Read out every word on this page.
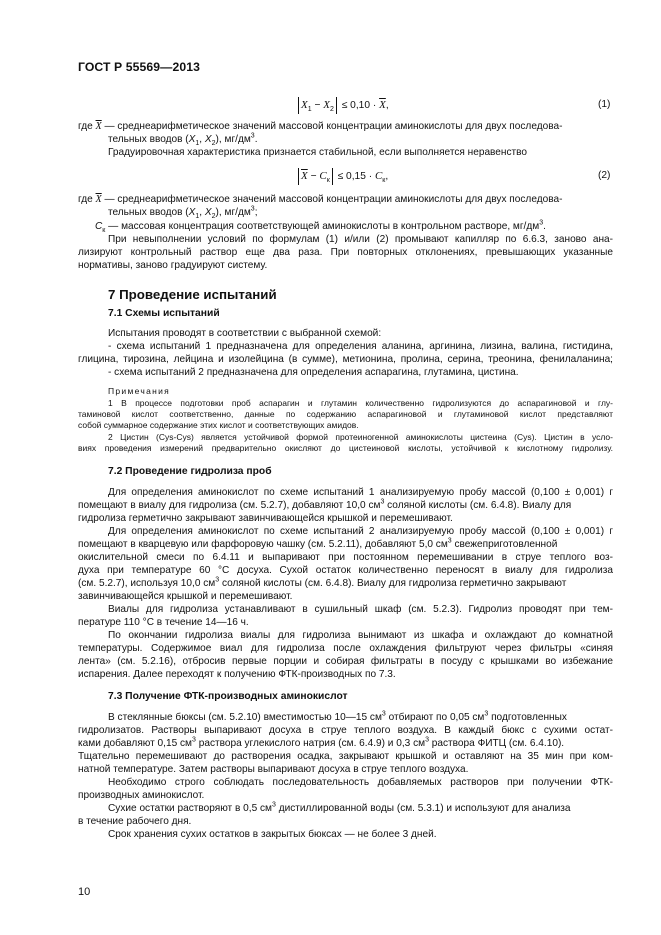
ГОСТ Р 55569—2013
$X_1 - X_2 \le 0,10 \cdot \overline{X}$,	(1)
где $\overline{X}$ — среднеарифметическое значений массовой концентрации аминокислоты для двух последова-
тельных вводов ($X_1$, $X_2$), $мг/дм^3$.
Градуировочная характеристика признается стабильной, если выполняется неравенство
$\overline{X} - C_к \le 0,15 \cdot C_к$,	(2)
где $\overline{X}$ — среднеарифметическое значений массовой концентрации аминокислоты для двух последова-
тельных вводов ($X_1$, $X_2$), $мг/дм^3$;
$C_к$ — массовая концентрация соответствующей аминокислоты в контрольном растворе, $мг/дм^3$.
При невыполнении условий по формулам (1) и/или (2) промывают капилляр по 6.6.3, заново ана-
лизируют контрольный раствор еще два раза. При повторных отклонениях, превышающих указанные
нормативы, заново градуируют систему.
7 Проведение испытаний
7.1 Схемы испытаний
Испытания проводят в соответствии с выбранной схемой:
- схема испытаний 1 предназначена для определения аланина, аргинина, лизина, валина, гистидина,
глицина, тирозина, лейцина и изолейцина (в сумме), метионина, пролина, серина, треонина, фенилаланина;
- схема испытаний 2 предназначена для определения аспарагина, глутамина, цистина.
Примечания
1 В процессе подготовки проб аспарагин и глутамин количественно гидролизуются до аспарагиновой и глу-
таминовой кислот соответственно, данные по содержанию аспарагиновой и глутаминовой кислот представляют
собой суммарное содержание этих кислот и соответствующих амидов.
2 Цистин (Cys-Cys) является устойчивой формой протеиногенной аминокислоты цистеина (Cys). Цистин в усло-
виях проведения измерений предварительно окисляют до цистеиновой кислоты, устойчивой к кислотному гидролизу.
7.2 Проведение гидролиза проб
Для определения аминокислот по схеме испытаний 1 анализируемую пробу массой (0,100 ± 0,001) г
помещают в виалу для гидролиза (см. 5.2.7), добавляют 10,0 $см^3$ соляной кислоты (см. 6.4.8). Виалу для
гидролиза герметично закрывают завинчивающейся крышкой и перемешивают.
Для определения аминокислот по схеме испытаний 2 анализируемую пробу массой (0,100 ± 0,001) г
помещают в кварцевую или фарфоровую чашку (см. 5.2.11), добавляют 5,0 $см^3$ свежеприготовленной
окислительной смеси по 6.4.11 и выпаривают при постоянном перемешивании в струе теплого воз-
духа при температуре 60 °С досуха. Сухой остаток количественно переносят в виалу для гидролиза
(см. 5.2.7), используя 10,0 $см^3$ соляной кислоты (см. 6.4.8). Виалу для гидролиза герметично закрывают
завинчивающейся крышкой и перемешивают.
Виалы для гидролиза устанавливают в сушильный шкаф (см. 5.2.3). Гидролиз проводят при тем-
пературе 110 °С в течение 14—16 ч.
По окончании гидролиза виалы для гидролиза вынимают из шкафа и охлаждают до комнатной
температуры. Содержимое виал для гидролиза после охлаждения фильтруют через фильтры «синяя
лента» (см. 5.2.16), отбросив первые порции и собирая фильтраты в посуду с крышками во избежание
испарения. Далее переходят к получению ФТК-производных по 7.3.
7.3 Получение ФТК-производных аминокислот
В стеклянные бюксы (см. 5.2.10) вместимостью 10—15 $см^3$ отбирают по 0,05 $см^3$ подготовленных
гидролизатов. Растворы выпаривают досуха в струе теплого воздуха. В каждый бюкс с сухими остат-
ками добавляют 0,15 $см^3$ раствора углекислого натрия (см. 6.4.9) и 0,3 $см^3$ раствора ФИТЦ (см. 6.4.10).
Тщательно перемешивают до растворения осадка, закрывают крышкой и оставляют на 35 мин при ком-
натной температуре. Затем растворы выпаривают досуха в струе теплого воздуха.
Необходимо строго соблюдать последовательность добавляемых растворов при получении ФТК-
производных аминокислот.
Сухие остатки растворяют в 0,5 $см^3$ дистиллированной воды (см. 5.3.1) и используют для анализа
в течение рабочего дня.
Срок хранения сухих остатков в закрытых бюксах — не более 3 дней.
10
